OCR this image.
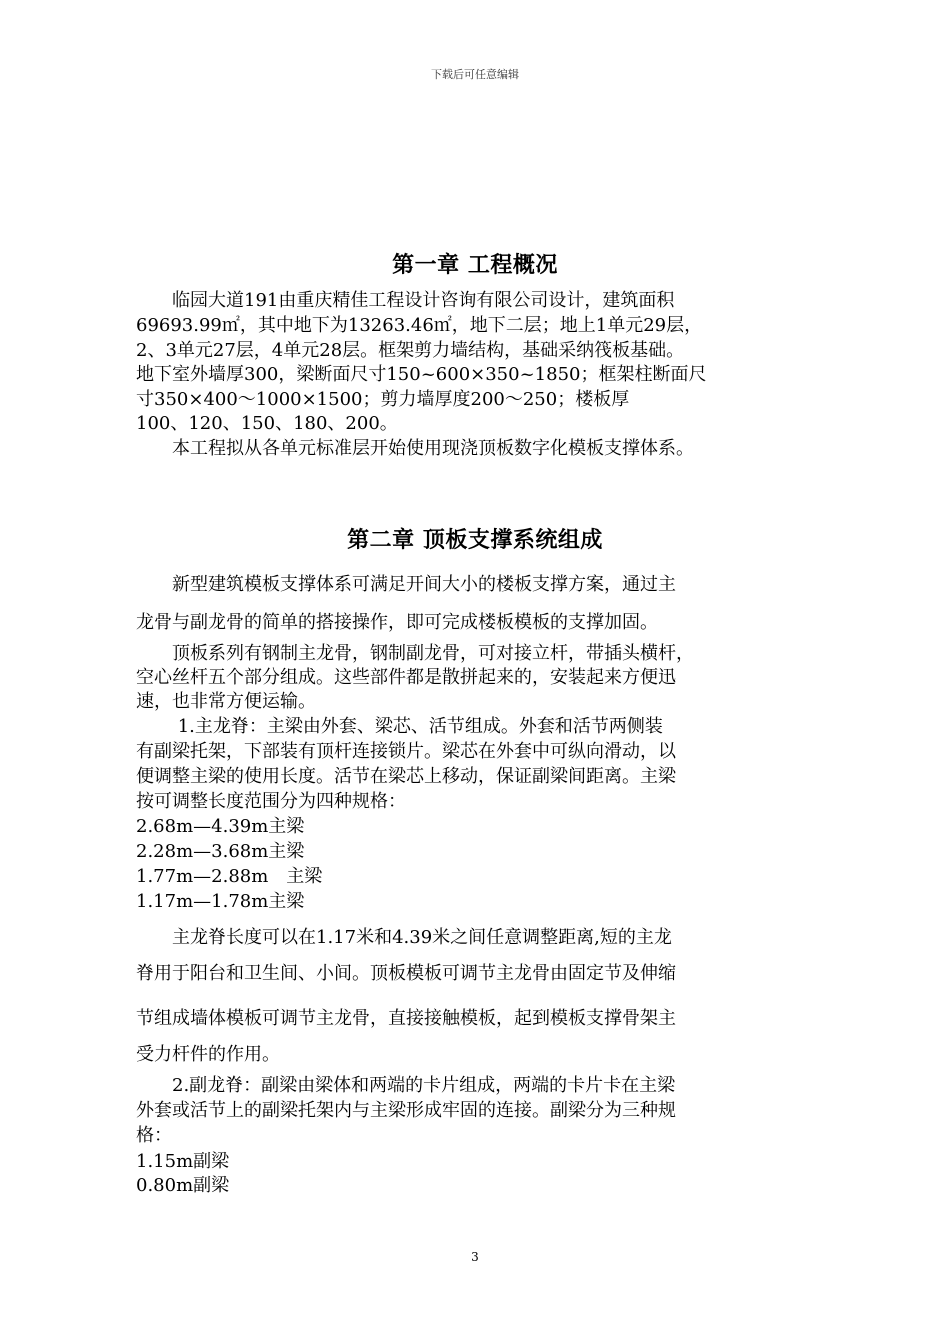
下载后可任意编辑
第一章 工程概况
　　临园大道191由重庆精佳工程设计咨询有限公司设计，建筑面积
69693.99㎡，其中地下为13263.46㎡，地下二层；地上1单元29层，
2、3单元27层，4单元28层。框架剪力墙结构，基础采纳筏板基础。
地下室外墙厚300，梁断面尺寸150~600×350~1850；框架柱断面尺
寸350×400～1000×1500；剪力墙厚度200～250；楼板厚
100、120、150、180、200。
　　本工程拟从各单元标准层开始使用现浇顶板数字化模板支撑体系。
第二章 顶板支撑系统组成
　　新型建筑模板支撑体系可满足开间大小的楼板支撑方案，通过主
龙骨与副龙骨的简单的搭接操作，即可完成楼板模板的支撑加固。
　　顶板系列有钢制主龙骨，钢制副龙骨，可对接立杆，带插头横杆，
空心丝杆五个部分组成。这些部件都是散拼起来的，安装起来方便迅
速，也非常方便运输。
　　 1.主龙脊：主梁由外套、梁芯、活节组成。外套和活节两侧装
有副梁托架，下部装有顶杆连接锁片。梁芯在外套中可纵向滑动，以
便调整主梁的使用长度。活节在梁芯上移动，保证副梁间距离。主梁
按可调整长度范围分为四种规格：
2.68m—4.39m主梁
2.28m—3.68m主梁
1.77m—2.88m　主梁
1.17m—1.78m主梁
　　主龙脊长度可以在1.17米和4.39米之间任意调整距离,短的主龙
脊用于阳台和卫生间、小间。顶板模板可调节主龙骨由固定节及伸缩
节组成墙体模板可调节主龙骨，直接接触模板，起到模板支撑骨架主
受力杆件的作用。
　　2.副龙脊：副梁由梁体和两端的卡片组成，两端的卡片卡在主梁
外套或活节上的副梁托架内与主梁形成牢固的连接。副梁分为三种规
格：
1.15m副梁
0.80m副梁
3
